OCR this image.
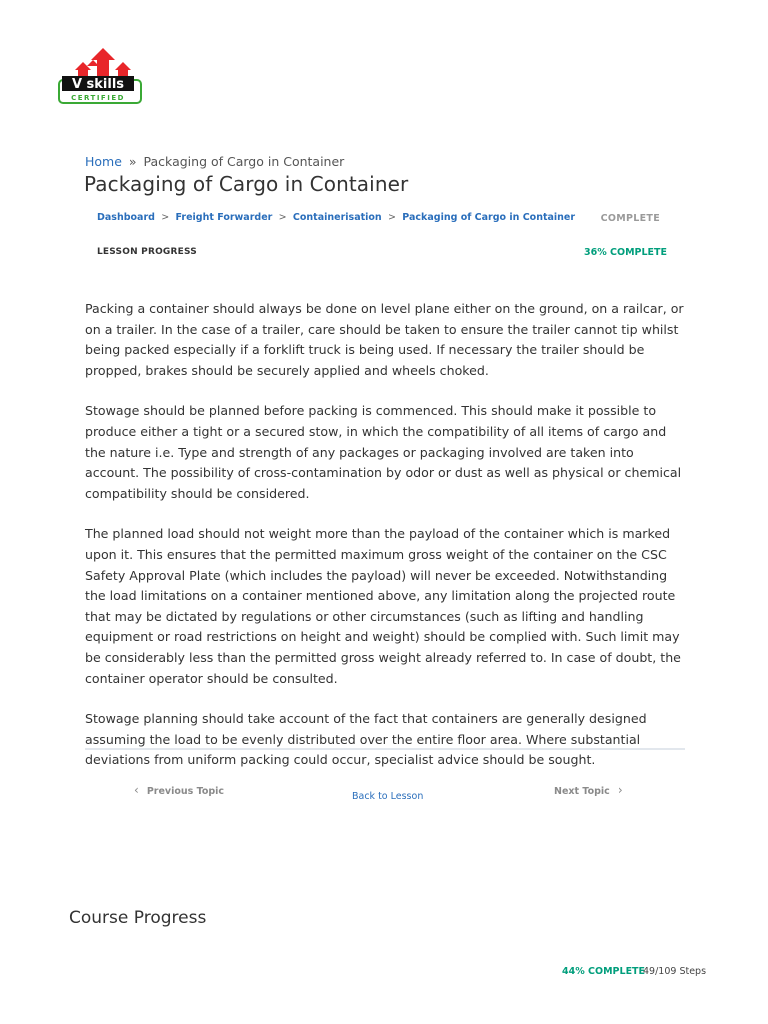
V skills
CERTIFIED
Home » Packaging of Cargo in Container
Packaging of Cargo in Container
Dashboard > Freight Forwarder > Containerisation > Packaging of Cargo in Container	COMPLETE
LESSON PROGRESS	36% COMPLETE

Packing a container should always be done on level plane either on the ground, on a railcar, or on a trailer. In the case of a trailer, care should be taken to ensure the trailer cannot tip whilst being packed especially if a forklift truck is being used. If necessary the trailer should be propped, brakes should be securely applied and wheels choked.

Stowage should be planned before packing is commenced. This should make it possible to produce either a tight or a secured stow, in which the compatibility of all items of cargo and the nature i.e. Type and strength of any packages or packaging involved are taken into account. The possibility of cross-contamination by odor or dust as well as physical or chemical compatibility should be considered.

The planned load should not weight more than the payload of the container which is marked upon it. This ensures that the permitted maximum gross weight of the container on the CSC Safety Approval Plate (which includes the payload) will never be exceeded. Notwithstanding the load limitations on a container mentioned above, any limitation along the projected route that may be dictated by regulations or other circumstances (such as lifting and handling equipment or road restrictions on height and weight) should be complied with. Such limit may be considerably less than the permitted gross weight already referred to. In case of doubt, the container operator should be consulted.

Stowage planning should take account of the fact that containers are generally designed assuming the load to be evenly distributed over the entire floor area. Where substantial deviations from uniform packing could occur, specialist advice should be sought.

‹ Previous Topic	Back to Lesson	Next Topic ›
Course Progress
44% COMPLETE
49/109 Steps
